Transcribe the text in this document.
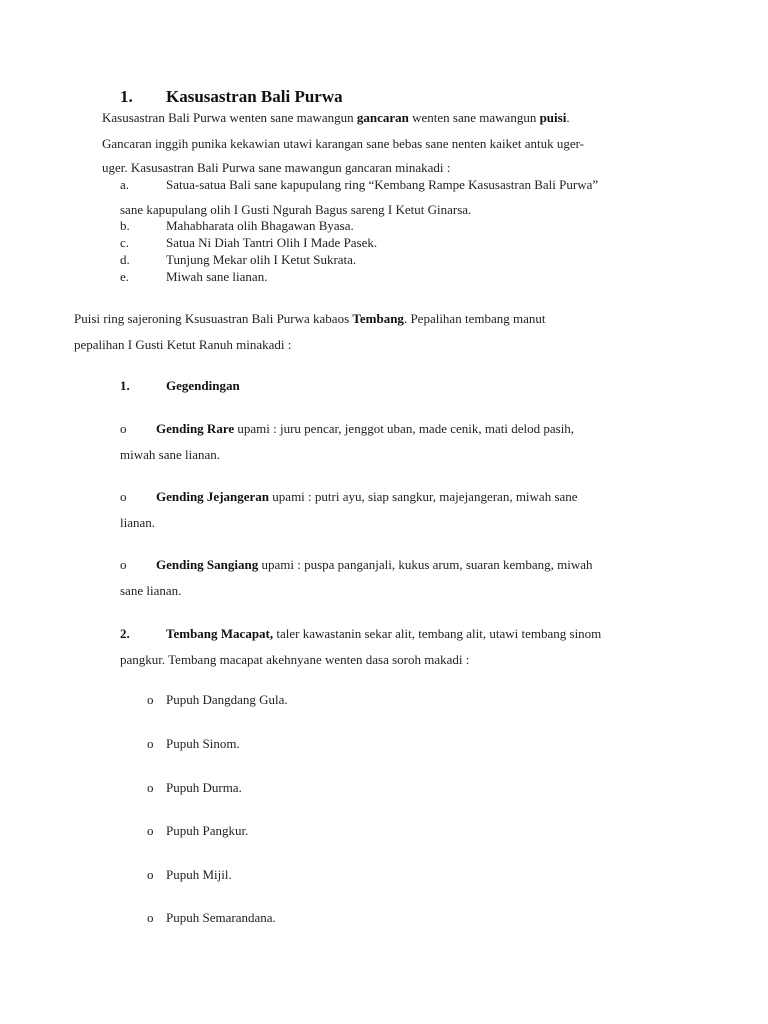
1. Kasusastran Bali Purwa
Kasusastran Bali Purwa wenten sane mawangun gancaran wenten sane mawangun puisi.
Gancaran inggih punika kekawian utawi karangan sane bebas sane nenten kaiket antuk uger-
uger. Kasusastran Bali Purwa sane mawangun gancaran minakadi :
a.	Satua-satua Bali sane kapupulang ring “Kembang Rampe Kasusastran Bali Purwa”
sane kapupulang olih I Gusti Ngurah Bagus sareng I Ketut Ginarsa.
b.	Mahabharata olih Bhagawan Byasa.
c.	Satua Ni Diah Tantri Olih I Made Pasek.
d.	Tunjung Mekar olih I Ketut Sukrata.
e.	Miwah sane lianan.
Puisi ring sajeroning Ksusuastran Bali Purwa kabaos Tembang. Pepalihan tembang manut
pepalihan I Gusti Ketut Ranuh minakadi :
1.	Gegendingan
o Gending Rare upami : juru pencar, jenggot uban, made cenik, mati delod pasih,
miwah sane lianan.
o Gending Jejangeran upami : putri ayu, siap sangkur, majejangeran, miwah sane
lianan.
o Gending Sangiang upami : puspa panganjali, kukus arum, suaran kembang, miwah
sane lianan.
2.	Tembang Macapat, taler kawastanin sekar alit, tembang alit, utawi tembang sinom
pangkur. Tembang macapat akehnyane wenten dasa soroh makadi :
o Pupuh Dangdang Gula.
o Pupuh Sinom.
o Pupuh Durma.
o Pupuh Pangkur.
o Pupuh Mijil.
o Pupuh Semarandana.
